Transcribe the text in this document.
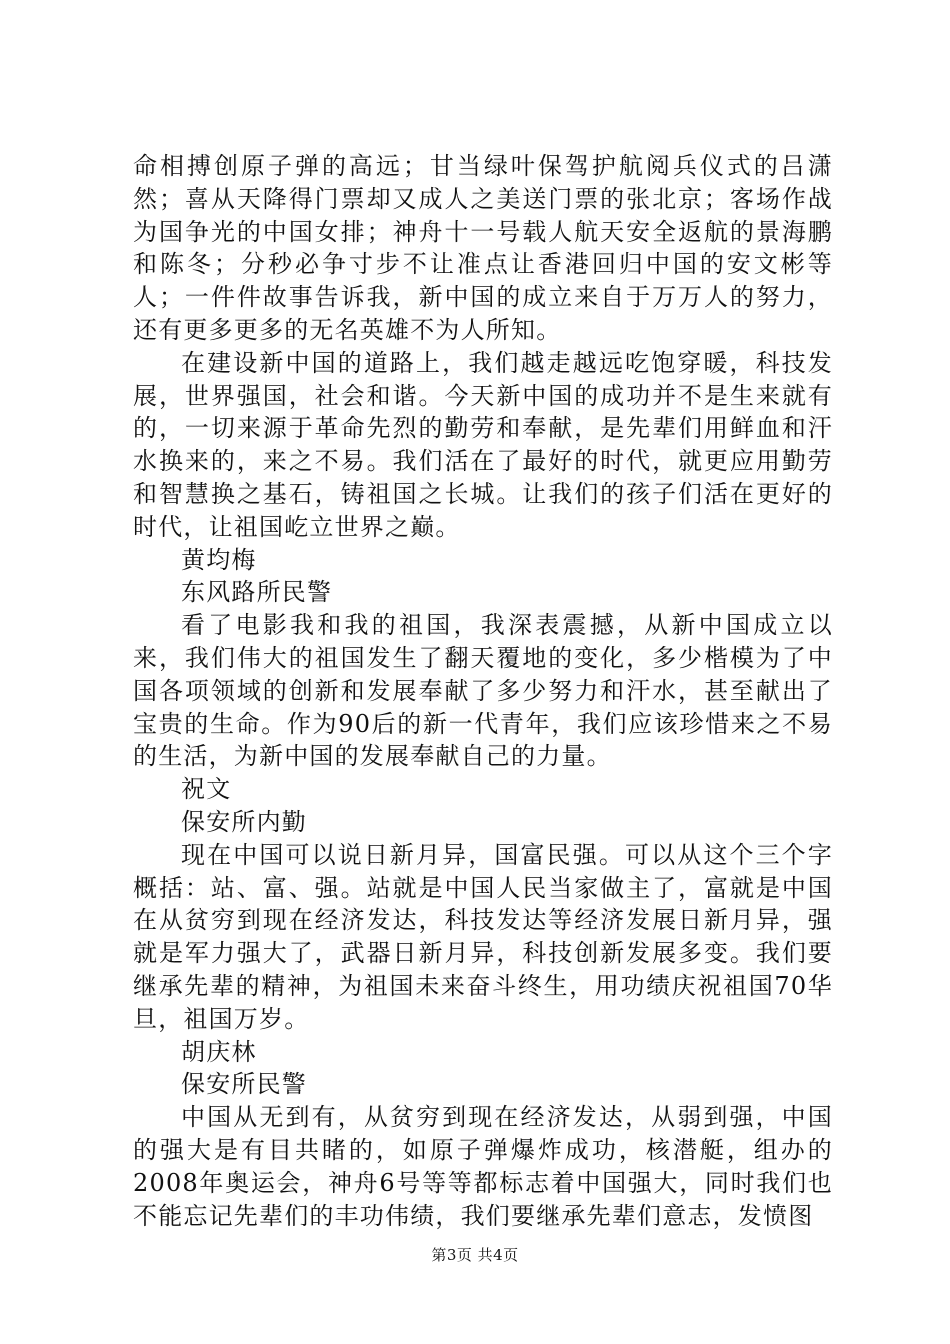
命相搏创原子弹的高远；甘当绿叶保驾护航阅兵仪式的吕潇然；喜从天降得门票却又成人之美送门票的张北京；客场作战为国争光的中国女排；神舟十一号载人航天安全返航的景海鹏和陈冬；分秒必争寸步不让准点让香港回归中国的安文彬等人；一件件故事告诉我，新中国的成立来自于万万人的努力，还有更多更多的无名英雄不为人所知。

在建设新中国的道路上，我们越走越远吃饱穿暖，科技发展，世界强国，社会和谐。今天新中国的成功并不是生来就有的，一切来源于革命先烈的勤劳和奉献，是先辈们用鲜血和汗水换来的，来之不易。我们活在了最好的时代，就更应用勤劳和智慧换之基石，铸祖国之长城。让我们的孩子们活在更好的时代，让祖国屹立世界之巅。

黄均梅

东风路所民警

看了电影我和我的祖国，我深表震撼，从新中国成立以来，我们伟大的祖国发生了翻天覆地的变化，多少楷模为了中国各项领域的创新和发展奉献了多少努力和汗水，甚至献出了宝贵的生命。作为90后的新一代青年，我们应该珍惜来之不易的生活，为新中国的发展奉献自己的力量。

祝文

保安所内勤

现在中国可以说日新月异，国富民强。可以从这个三个字概括：站、富、强。站就是中国人民当家做主了，富就是中国在从贫穷到现在经济发达，科技发达等经济发展日新月异，强就是军力强大了，武器日新月异，科技创新发展多变。我们要继承先辈的精神，为祖国未来奋斗终生，用功绩庆祝祖国70华旦，祖国万岁。

胡庆林

保安所民警

中国从无到有，从贫穷到现在经济发达，从弱到强，中国的强大是有目共睹的，如原子弹爆炸成功，核潜艇，组办的2008年奥运会，神舟6号等等都标志着中国强大，同时我们也不能忘记先辈们的丰功伟绩，我们要继承先辈们意志，发愤图

第3页 共4页
